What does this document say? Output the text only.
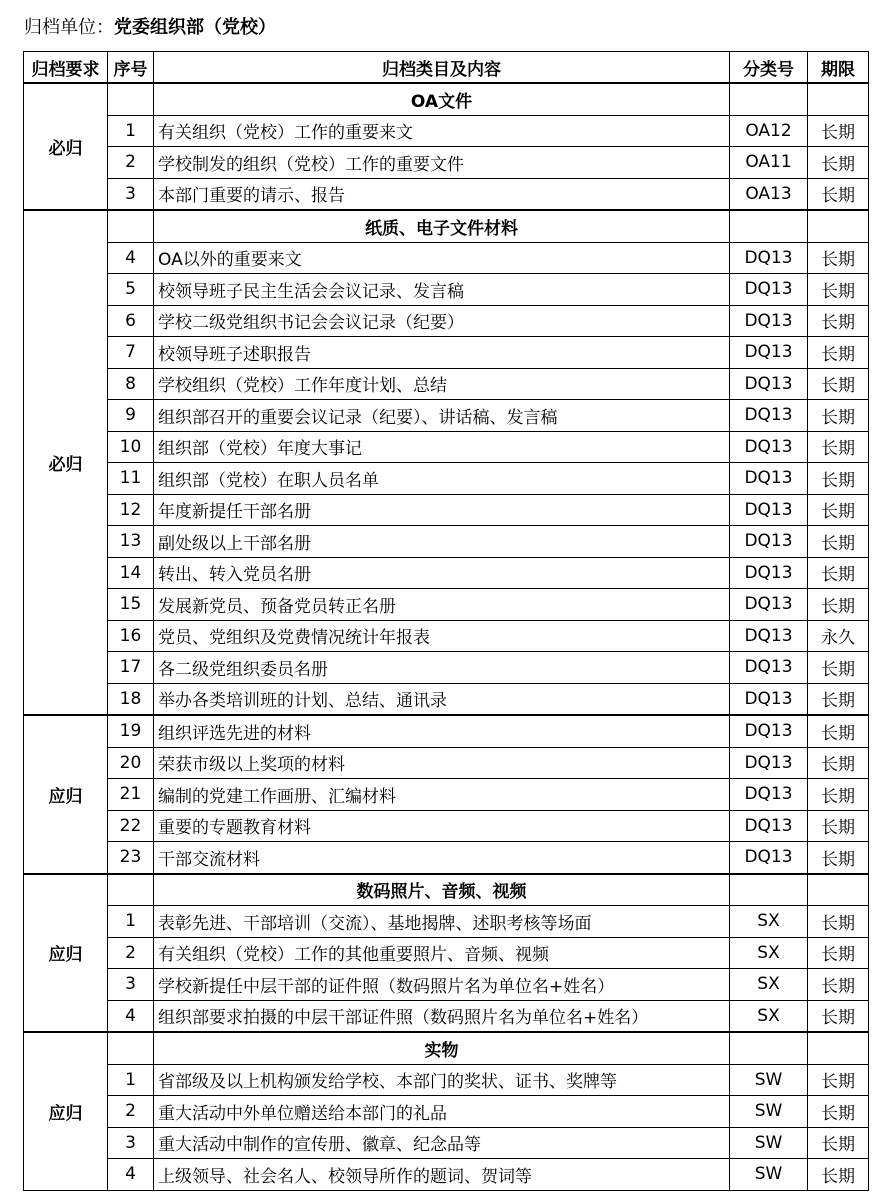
归档单位：党委组织部（党校）
归档要求	序号	归档类目及内容	分类号	期限
必归		OA文件		
	1	有关组织（党校）工作的重要来文	OA12	长期
	2	学校制发的组织（党校）工作的重要文件	OA11	长期
	3	本部门重要的请示、报告	OA13	长期
必归		纸质、电子文件材料		
	4	OA以外的重要来文	DQ13	长期
	5	校领导班子民主生活会会议记录、发言稿	DQ13	长期
	6	学校二级党组织书记会会议记录（纪要）	DQ13	长期
	7	校领导班子述职报告	DQ13	长期
	8	学校组织（党校）工作年度计划、总结	DQ13	长期
	9	组织部召开的重要会议记录（纪要）、讲话稿、发言稿	DQ13	长期
	10	组织部（党校）年度大事记	DQ13	长期
	11	组织部（党校）在职人员名单	DQ13	长期
	12	年度新提任干部名册	DQ13	长期
	13	副处级以上干部名册	DQ13	长期
	14	转出、转入党员名册	DQ13	长期
	15	发展新党员、预备党员转正名册	DQ13	长期
	16	党员、党组织及党费情况统计年报表	DQ13	永久
	17	各二级党组织委员名册	DQ13	长期
	18	举办各类培训班的计划、总结、通讯录	DQ13	长期
应归	19	组织评选先进的材料	DQ13	长期
	20	荣获市级以上奖项的材料	DQ13	长期
	21	编制的党建工作画册、汇编材料	DQ13	长期
	22	重要的专题教育材料	DQ13	长期
	23	干部交流材料	DQ13	长期
应归		数码照片、音频、视频		
	1	表彰先进、干部培训（交流）、基地揭牌、述职考核等场面	SX	长期
	2	有关组织（党校）工作的其他重要照片、音频、视频	SX	长期
	3	学校新提任中层干部的证件照（数码照片名为单位名+姓名）	SX	长期
	4	组织部要求拍摄的中层干部证件照（数码照片名为单位名+姓名）	SX	长期
应归		实物		
	1	省部级及以上机构颁发给学校、本部门的奖状、证书、奖牌等	SW	长期
	2	重大活动中外单位赠送给本部门的礼品	SW	长期
	3	重大活动中制作的宣传册、徽章、纪念品等	SW	长期
	4	上级领导、社会名人、校领导所作的题词、贺词等	SW	长期
